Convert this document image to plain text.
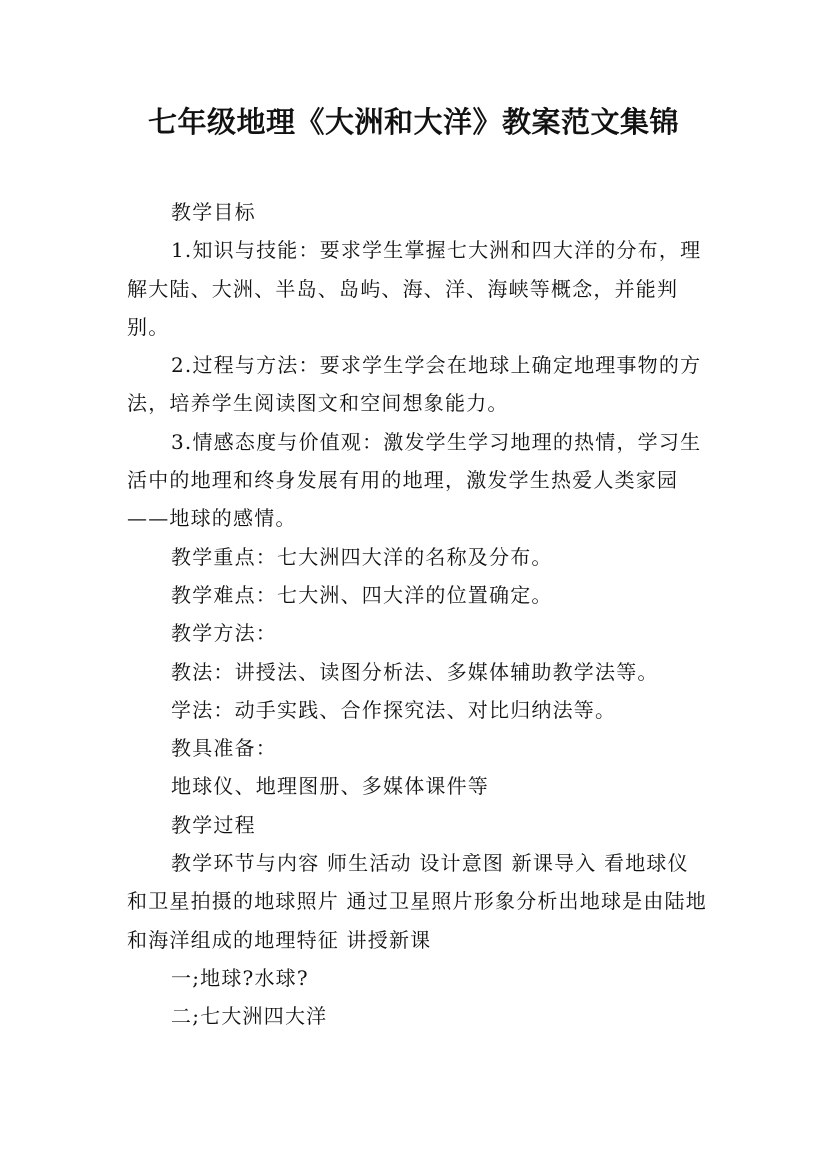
七年级地理《大洲和大洋》教案范文集锦

教学目标

1.知识与技能：要求学生掌握七大洲和四大洋的分布，理解大陆、大洲、半岛、岛屿、海、洋、海峡等概念，并能判别。

2.过程与方法：要求学生学会在地球上确定地理事物的方法，培养学生阅读图文和空间想象能力。

3.情感态度与价值观：激发学生学习地理的热情，学习生活中的地理和终身发展有用的地理，激发学生热爱人类家园——地球的感情。

教学重点：七大洲四大洋的名称及分布。

教学难点：七大洲、四大洋的位置确定。

教学方法：

教法：讲授法、读图分析法、多媒体辅助教学法等。

学法：动手实践、合作探究法、对比归纳法等。

教具准备：

地球仪、地理图册、多媒体课件等

教学过程

教学环节与内容 师生活动 设计意图 新课导入 看地球仪和卫星拍摄的地球照片 通过卫星照片形象分析出地球是由陆地和海洋组成的地理特征 讲授新课

一;地球?水球?

二;七大洲四大洋
